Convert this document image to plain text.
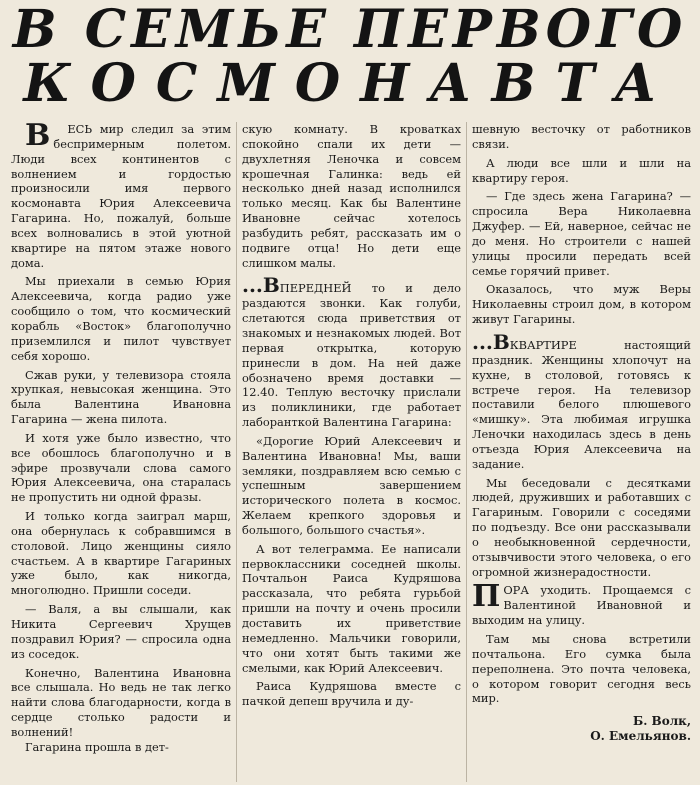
В СЕМЬЕ ПЕРВОГО
КОСМОНАВТА

В ЕСЬ мир следил за этим беспримерным полетом. Люди всех континентов с волнением и гордостью произносили имя первого космонавта Юрия Алексеевича Гагарина. Но, пожалуй, больше всех волновались в этой уютной квартире на пятом этаже нового дома.

Мы приехали в семью Юрия Алексеевича, когда радио уже сообщило о том, что космический корабль «Восток» благополучно приземлился и пилот чувствует себя хорошо.

Сжав руки, у телевизора стояла хрупкая, невысокая женщина. Это была Валентина Ивановна Гагарина — жена пилота.

И хотя уже было известно, что все обошлось благополучно и в эфире прозвучали слова самого Юрия Алексеевича, она старалась не пропустить ни одной фразы.

И только когда заиграл марш, она обернулась к собравшимся в столовой. Лицо женщины сияло счастьем. А в квартире Гагариных уже было, как никогда, многолюдно. Пришли соседи.

— Валя, а вы слышали, как Никита Сергеевич Хрущев поздравил Юрия? — спросила одна из соседок.

Конечно, Валентина Ивановна все слышала. Но ведь не так легко найти слова благодарности, когда в сердце столько радости и волнений!

Гагарина прошла в дет-

скую комнату. В кроватках спокойно спали их дети — двухлетняя Леночка и совсем крошечная Галинка: ведь ей несколько дней назад исполнился только месяц. Как бы Валентине Ивановне сейчас хотелось разбудить ребят, рассказать им о подвиге отца! Но дети еще слишком малы.

...ВПЕРЕДНЕЙ то и дело раздаются звонки. Как голуби, слетаются сюда приветствия от знакомых и незнакомых людей. Вот первая открытка, которую принесли в дом. На ней даже обозначено время доставки — 12.40. Теплую весточку прислали из поликлиники, где работает лаборанткой Валентина Гагарина:

«Дорогие Юрий Алексеевич и Валентина Ивановна! Мы, ваши земляки, поздравляем всю семью с успешным завершением исторического полета в космос. Желаем крепкого здоровья и большого, большого счастья».

А вот телеграмма. Ее написали первоклассники соседней школы. Почтальон Раиса Кудряшова рассказала, что ребята гурьбой пришли на почту и очень просили доставить их приветствие немедленно. Мальчики говорили, что они хотят быть такими же смелыми, как Юрий Алексеевич.

Раиса Кудряшова вместе с пачкой депеш вручила и ду-

шевную весточку от работников связи.

А люди все шли и шли на квартиру героя.

— Где здесь жена Гагарина? — спросила Вера Николаевна Джуфер. — Ей, наверное, сейчас не до меня. Но строители с нашей улицы просили передать всей семье горячий привет.

Оказалось, что муж Веры Николаевны строил дом, в котором живут Гагарины.

...ВКВАРТИРЕ настоящий праздник. Женщины хлопочут на кухне, в столовой, готовясь к встрече героя. На телевизор поставили белого плюшевого «мишку». Эта любимая игрушка Леночки находилась здесь в день отъезда Юрия Алексеевича на задание.

Мы беседовали с десятками людей, друживших и работавших с Гагариным. Говорили с соседями по подъезду. Все они рассказывали о необыкновенной сердечности, отзывчивости этого человека, о его огромной жизнерадостности.

ПОРА уходить. Прощаемся с Валентиной Ивановной и выходим на улицу.

Там мы снова встретили почтальона. Его сумка была переполнена. Это почта человека, о котором говорит сегодня весь мир.

Б. Волк,
О. Емельянов.
